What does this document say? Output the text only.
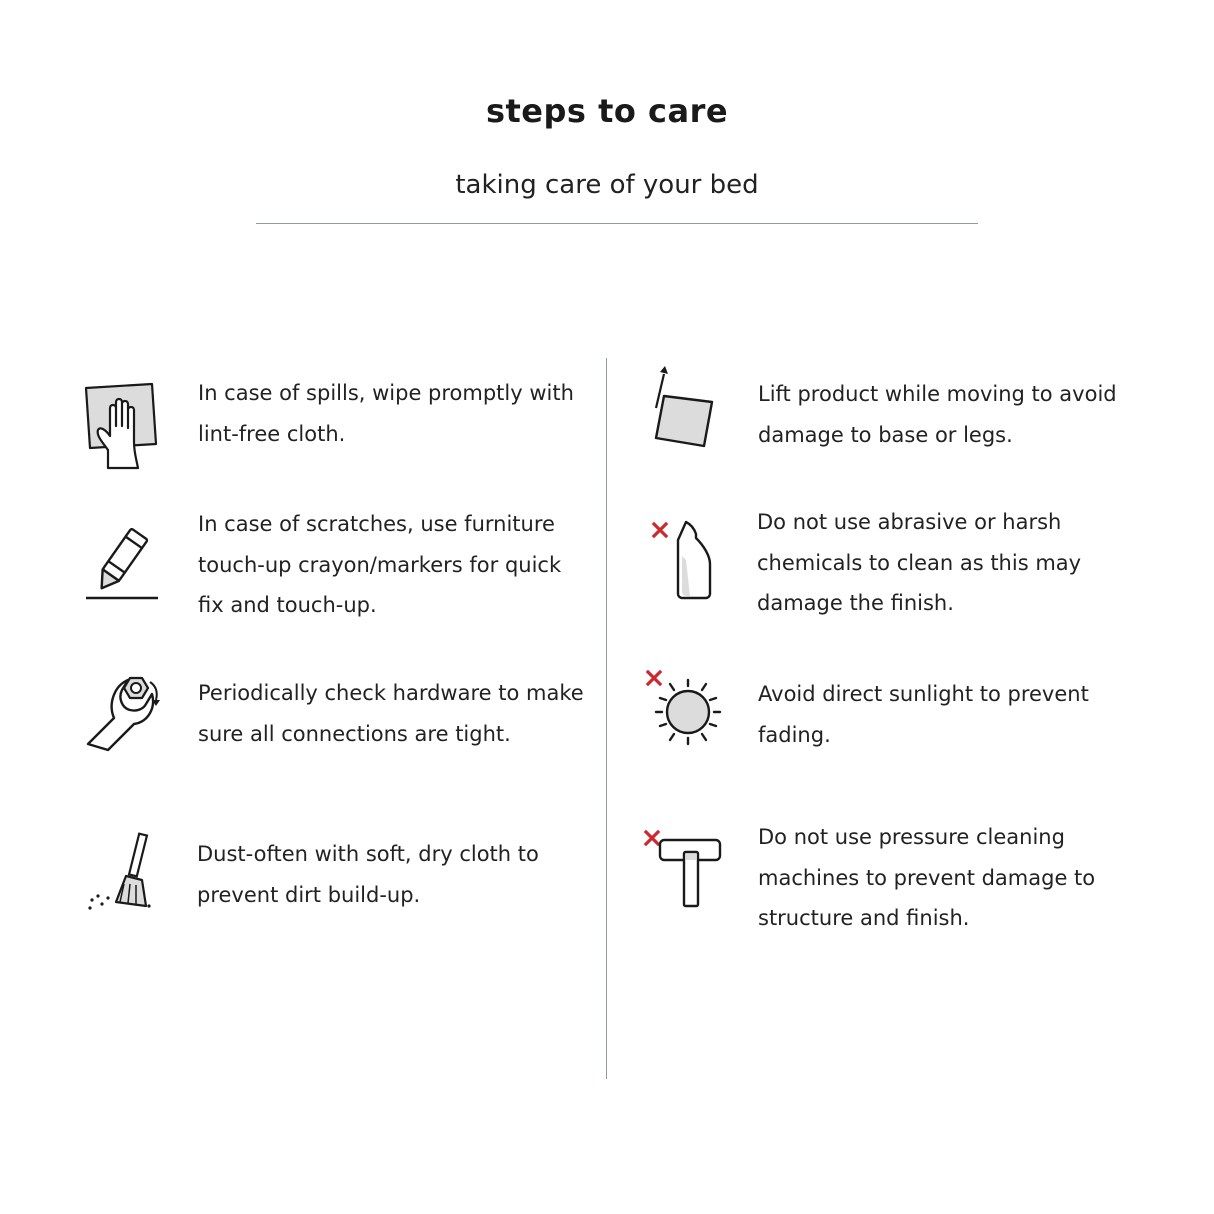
steps to care
taking care of your bed
In case of spills, wipe promptly with lint-free cloth.
In case of scratches, use furniture touch-up crayon/markers for quick fix and touch-up.
Periodically check hardware to make sure all connections are tight.
Dust-often with soft, dry cloth to prevent dirt build-up.
Lift product while moving to avoid damage to base or legs.
Do not use abrasive or harsh chemicals to clean as this may damage the finish.
Avoid direct sunlight to prevent fading.
Do not use pressure cleaning machines to prevent damage to structure and finish.
